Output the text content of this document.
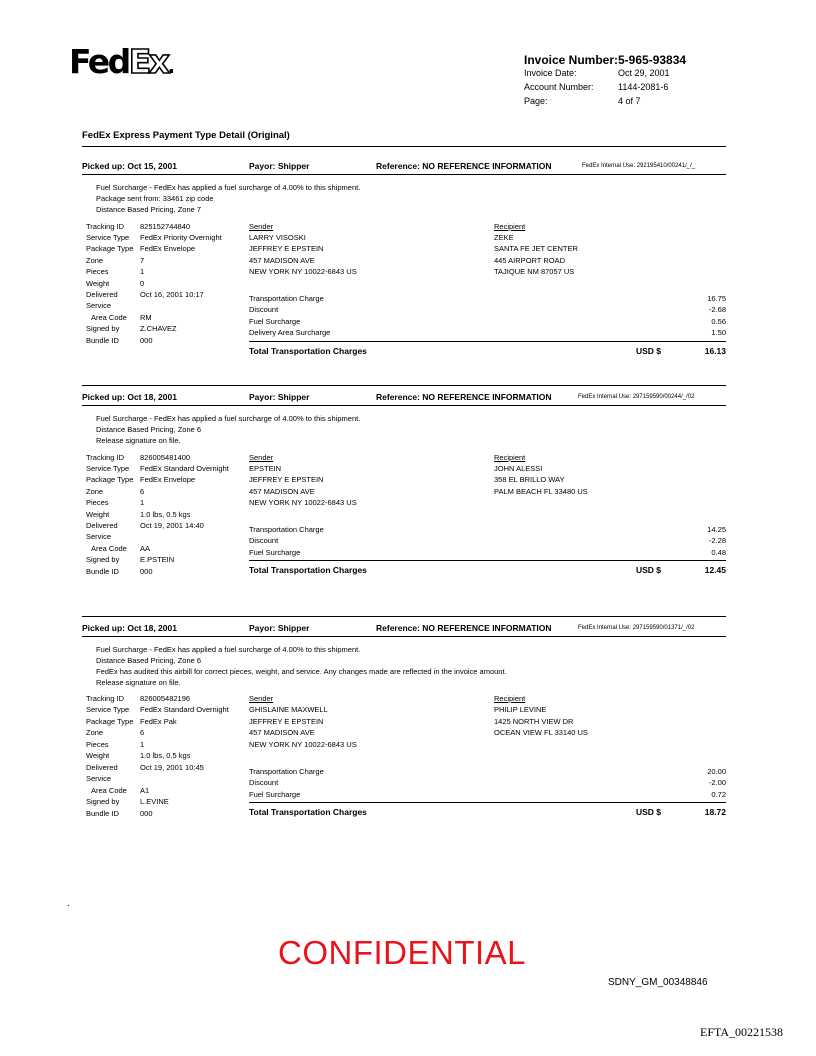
FedEx.	Invoice Number: 5-965-93834
Invoice Date:	Oct 29, 2001
Account Number:	1144-2081-6
Page:	4 of 7
FedEx Express Payment Type Detail (Original)
Picked up: Oct 15, 2001	Payor: Shipper	Reference: NO REFERENCE INFORMATION	FedEx Internal Use: 292195410/00241/_/_
Fuel Surcharge - FedEx has applied a fuel surcharge of 4.00% to this shipment.
Package sent from: 33461 zip code
Distance Based Pricing, Zone 7
Tracking ID 825152744840
Service Type FedEx Priority Overnight
Package Type FedEx Envelope
Zone	7
Pieces	1
Weight	0
Delivered	Oct 16, 2001 10:17
Service
Area Code RM
Signed by	Z.CHAVEZ
Bundle ID	000
Sender
LARRY VISOSKI
JEFFREY E EPSTEIN
457 MADISON AVE
NEW YORK NY 10022-6843 US
Recipient
ZEKE
SANTA FE JET CENTER
445 AIRPORT ROAD
TAJIQUE NM 87057 US
Transportation Charge	16.75
Discount	-2.68
Fuel Surcharge	0.56
Delivery Area Surcharge	1.50
Total Transportation Charges	USD $	16.13
Picked up: Oct 18, 2001	Payor: Shipper	Reference: NO REFERENCE INFORMATION	FedEx Internal Use: 297159590/00244/_/02
Fuel Surcharge - FedEx has applied a fuel surcharge of 4.00% to this shipment.
Distance Based Pricing, Zone 6
Release signature on file.
Tracking ID 826005481400
Service Type FedEx Standard Overnight
Package Type FedEx Envelope
Zone	6
Pieces	1
Weight	1.0 lbs, 0.5 kgs
Delivered	Oct 19, 2001 14:40
Service
Area Code AA
Signed by	E.PSTEIN
Bundle ID	000
Sender
EPSTEIN
JEFFREY E EPSTEIN
457 MADISON AVE
NEW YORK NY 10022-6843 US
Recipient
JOHN ALESSI
358 EL BRILLO WAY
PALM BEACH FL 33480 US
Transportation Charge	14.25
Discount	-2.28
Fuel Surcharge	0.48
Total Transportation Charges	USD $	12.45
Picked up: Oct 18, 2001	Payor: Shipper	Reference: NO REFERENCE INFORMATION	FedEx Internal Use: 297159590/01371/_/02
Fuel Surcharge - FedEx has applied a fuel surcharge of 4.00% to this shipment.
Distance Based Pricing, Zone 6
FedEx has audited this airbill for correct pieces, weight, and service. Any changes made are reflected in the invoice amount.
Release signature on file.
Tracking ID 826005482196
Service Type FedEx Standard Overnight
Package Type FedEx Pak
Zone	6
Pieces	1
Weight	1.0 lbs, 0.5 kgs
Delivered	Oct 19, 2001 10:45
Service
Area Code A1
Signed by	L.EVINE
Bundle ID	000
Sender
GHISLAINE MAXWELL
JEFFREY E EPSTEIN
457 MADISON AVE
NEW YORK NY 10022-6843 US
Recipient
PHILIP LEVINE
1425 NORTH VIEW DR
OCEAN VIEW FL 33140 US
Transportation Charge	20.00
Discount	-2.00
Fuel Surcharge	0.72
Total Transportation Charges	USD $	18.72
.
CONFIDENTIAL
SDNY_GM_00348846
EFTA_00221538
